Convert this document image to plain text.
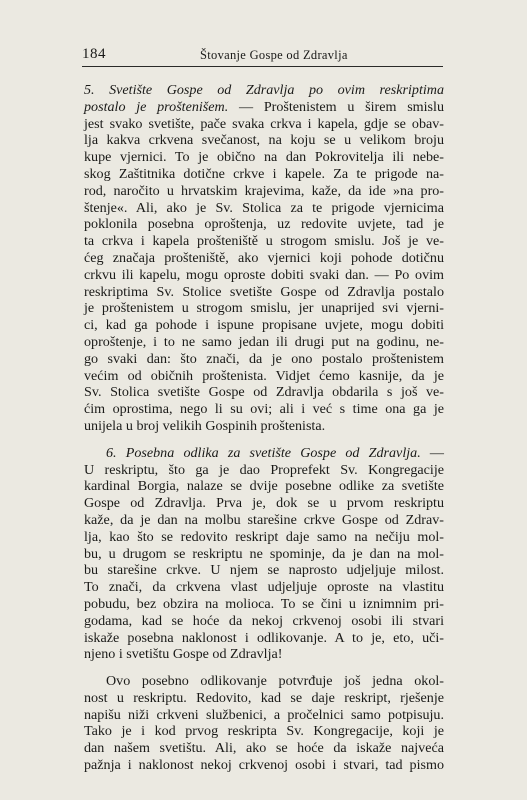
184	Štovanje Gospe od Zdravlja

5. Svetište Gospe od Zdravlja po ovim reskriptima
postalo je proštenišem. — Proštenistem u širem smislu
jest svako svetište, pače svaka crkva i kapela, gdje se obav-
lja kakva crkvena svečanost, na koju se u velikom broju
kupe vjernici. To je obično na dan Pokrovitelja ili nebe-
skog Zaštitnika dotične crkve i kapele. Za te prigode na-
rod, naročito u hrvatskim krajevima, kaže, da ide »na pro-
štenje«. Ali, ako je Sv. Stolica za te prigode vjernicima
poklonila posebna oproštenja, uz redovite uvjete, tad je
ta crkva i kapela prošteniště u strogom smislu. Još je ve-
ćeg značaja prošteniště, ako vjernici koji pohode dotičnu
crkvu ili kapelu, mogu oproste dobiti svaki dan. — Po ovim
reskriptima Sv. Stolice svetište Gospe od Zdravlja postalo
je proštenistem u strogom smislu, jer unaprijed svi vjerni-
ci, kad ga pohode i ispune propisane uvjete, mogu dobiti
oproštenje, i to ne samo jedan ili drugi put na godinu, ne-
go svaki dan: što znači, da je ono postalo proštenistem
većim od običnih proštenista. Vidjet ćemo kasnije, da je
Sv. Stolica svetište Gospe od Zdravlja obdarila s još ve-
ćim oprostima, nego li su ovi; ali i već s time ona ga je
unijela u broj velikih Gospinih proštenista.

6. Posebna odlika za svetište Gospe od Zdravlja. —
U reskriptu, što ga je dao Proprefekt Sv. Kongregacije
kardinal Borgia, nalaze se dvije posebne odlike za svetište
Gospe od Zdravlja. Prva je, dok se u prvom reskriptu
kaže, da je dan na molbu starešine crkve Gospe od Zdrav-
lja, kao što se redovito reskript daje samo na nečiju mol-
bu, u drugom se reskriptu ne spominje, da je dan na mol-
bu starešine crkve. U njem se naprosto udjeljuje milost.
To znači, da crkvena vlast udjeljuje oproste na vlastitu
pobudu, bez obzira na molioca. To se čini u iznimnim pri-
godama, kad se hoće da nekoj crkvenoj osobi ili stvari
iskaže posebna naklonost i odlikovanje. A to je, eto, uči-
njeno i svetištu Gospe od Zdravlja!

Ovo posebno odlikovanje potvrđuje još jedna okol-
nost u reskriptu. Redovito, kad se daje reskript, rješenje
napišu niži crkveni službenici, a pročelnici samo potpisuju.
Tako je i kod prvog reskripta Sv. Kongregacije, koji je
dan našem svetištu. Ali, ako se hoće da iskaže najveća
pažnja i naklonost nekoj crkvenoj osobi i stvari, tad pismo
